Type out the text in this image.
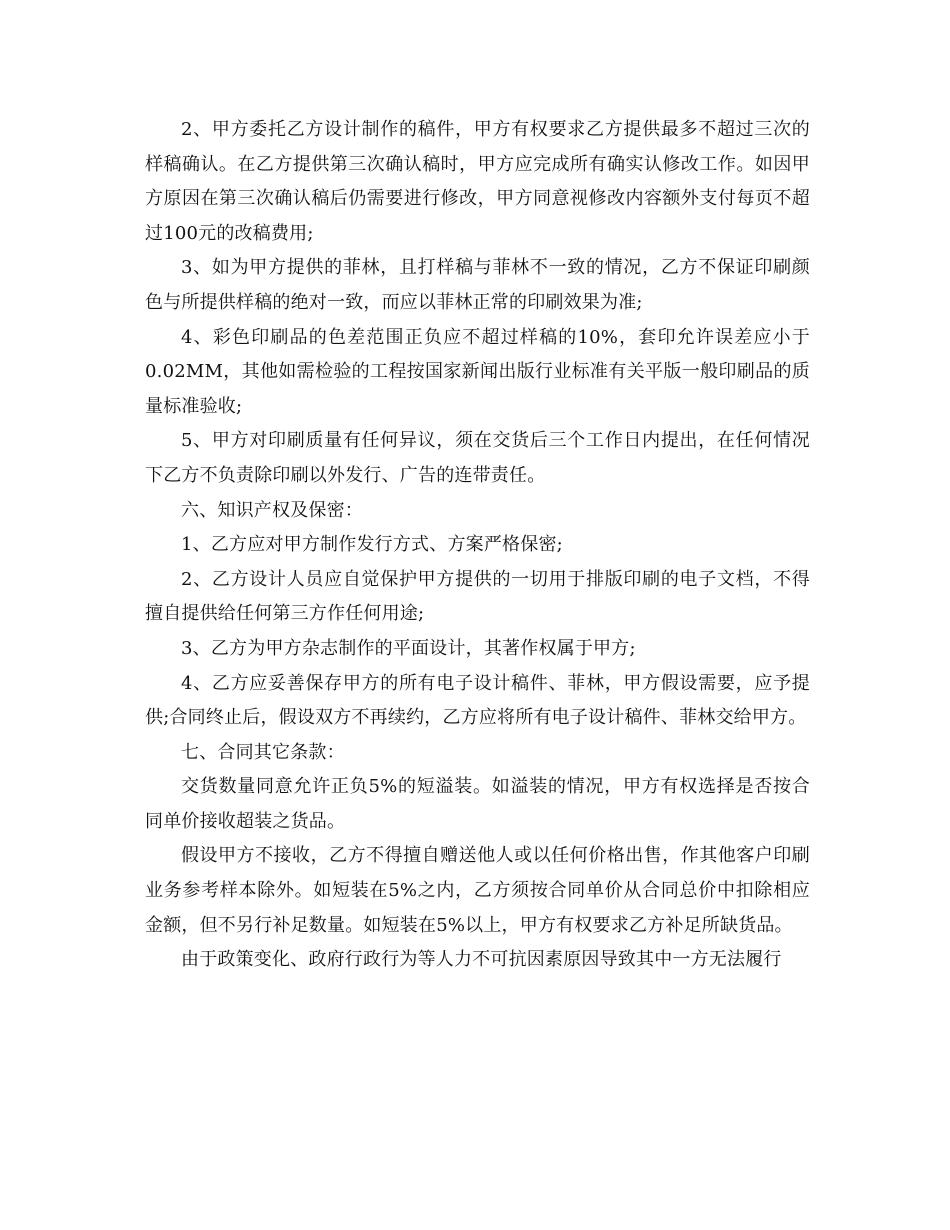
2、甲方委托乙方设计制作的稿件，甲方有权要求乙方提供最多不超过三次的样稿确认。在乙方提供第三次确认稿时，甲方应完成所有确实认修改工作。如因甲方原因在第三次确认稿后仍需要进行修改，甲方同意视修改内容额外支付每页不超过100元的改稿费用;

3、如为甲方提供的菲林，且打样稿与菲林不一致的情况，乙方不保证印刷颜色与所提供样稿的绝对一致，而应以菲林正常的印刷效果为准;

4、彩色印刷品的色差范围正负应不超过样稿的10%，套印允许误差应小于0.02MM，其他如需检验的工程按国家新闻出版行业标准有关平版一般印刷品的质量标准验收;

5、甲方对印刷质量有任何异议，须在交货后三个工作日内提出，在任何情况下乙方不负责除印刷以外发行、广告的连带责任。

六、知识产权及保密：

1、乙方应对甲方制作发行方式、方案严格保密;

2、乙方设计人员应自觉保护甲方提供的一切用于排版印刷的电子文档，不得擅自提供给任何第三方作任何用途;

3、乙方为甲方杂志制作的平面设计，其著作权属于甲方;

4、乙方应妥善保存甲方的所有电子设计稿件、菲林，甲方假设需要，应予提供;合同终止后，假设双方不再续约，乙方应将所有电子设计稿件、菲林交给甲方。

七、合同其它条款：

交货数量同意允许正负5%的短溢装。如溢装的情况，甲方有权选择是否按合同单价接收超装之货品。

假设甲方不接收，乙方不得擅自赠送他人或以任何价格出售，作其他客户印刷业务参考样本除外。如短装在5%之内，乙方须按合同单价从合同总价中扣除相应金额，但不另行补足数量。如短装在5%以上，甲方有权要求乙方补足所缺货品。

由于政策变化、政府行政行为等人力不可抗因素原因导致其中一方无法履行
